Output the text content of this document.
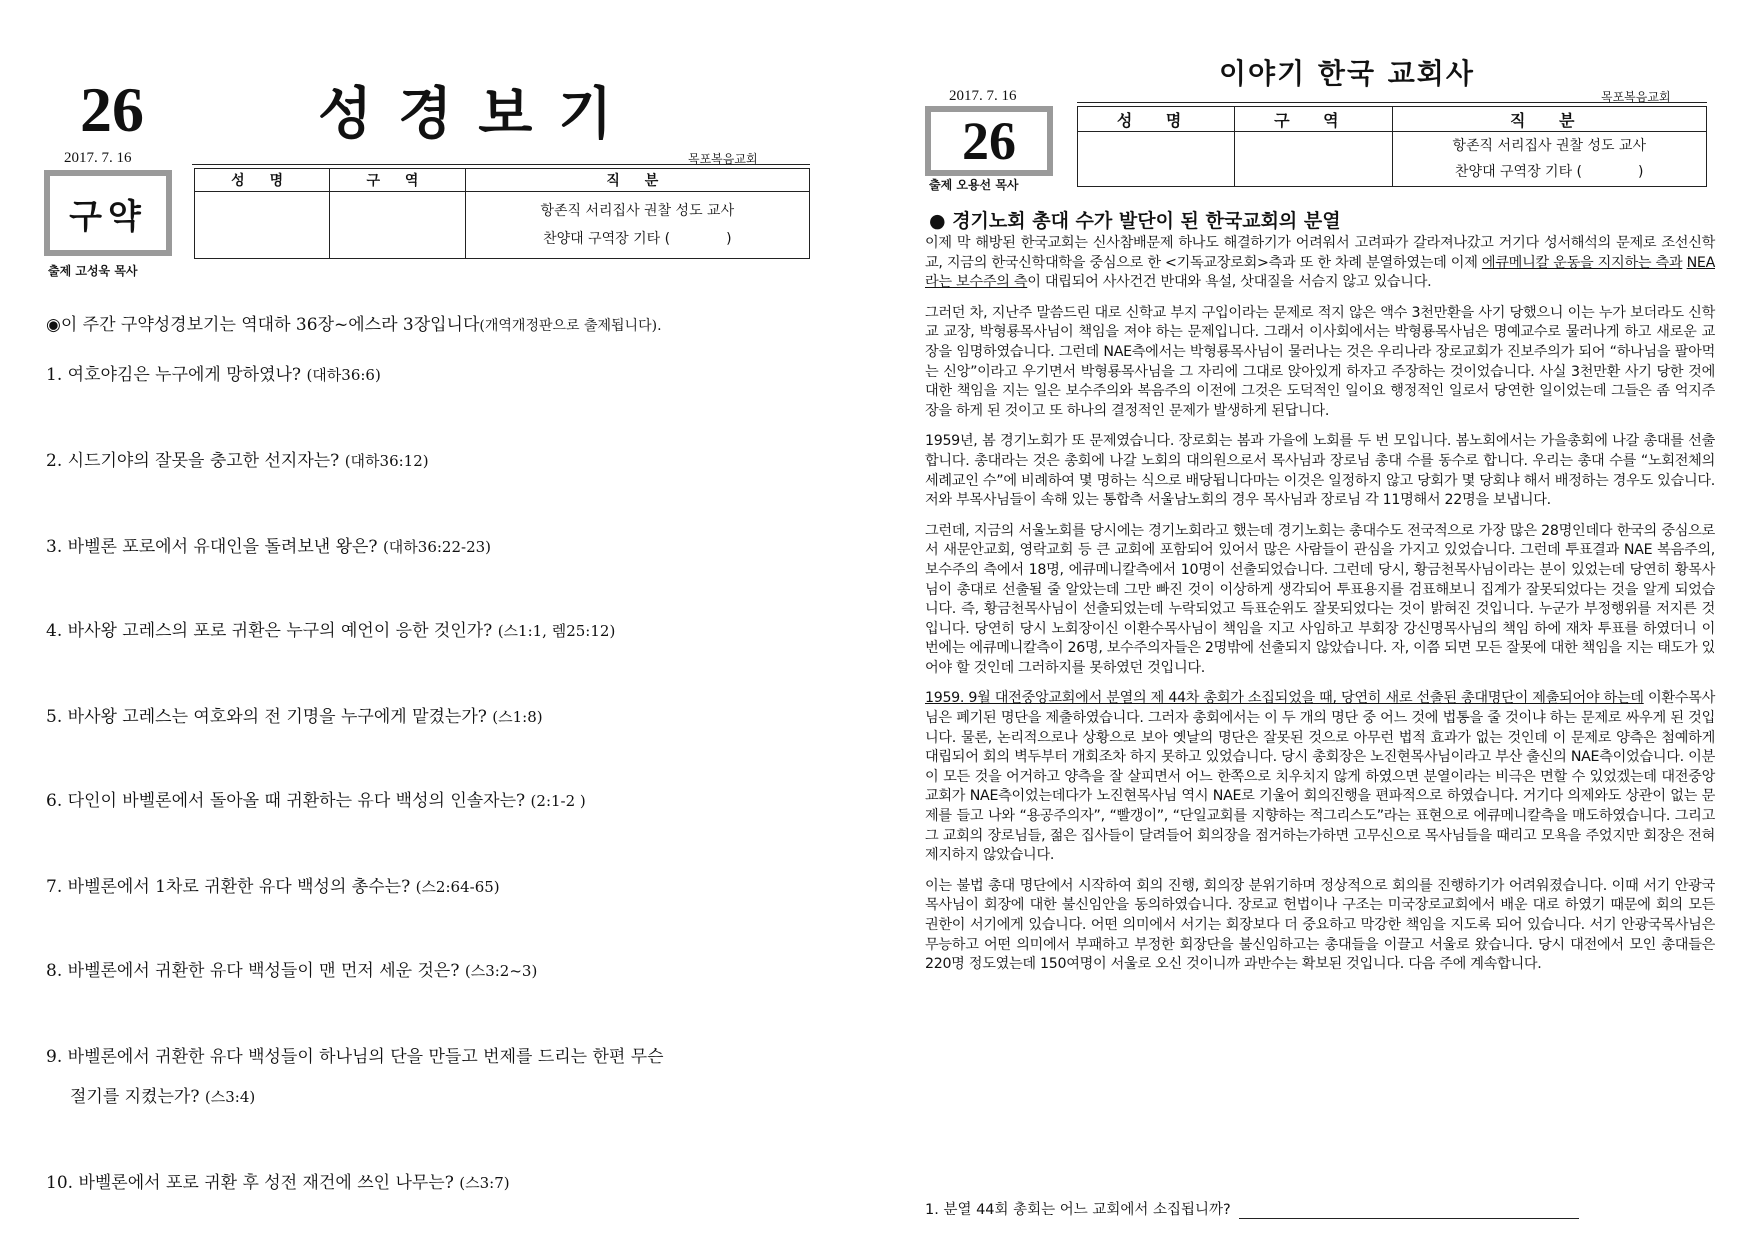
26	성경보기
2017. 7. 16	목포복음교회
구약
출제 고성욱 목사
성 명	구 역	직 분

		항존직 서리집사 권찰 성도 교사
찬양대 구역장 기타 (　　　　)
◉이 주간 구약성경보기는 역대하 36장~에스라 3장입니다(개역개정판으로 출제됩니다).
1. 여호야김은 누구에게 망하였나? (대하36:6)
2. 시드기야의 잘못을 충고한 선지자는? (대하36:12)
3. 바벨론 포로에서 유대인을 돌려보낸 왕은? (대하36:22-23)
4. 바사왕 고레스의 포로 귀환은 누구의 예언이 응한 것인가? (스1:1, 렘25:12)
5. 바사왕 고레스는 여호와의 전 기명을 누구에게 맡겼는가? (스1:8)
6. 다인이 바벨론에서 돌아올 때 귀환하는 유다 백성의 인솔자는? (2:1-2 )
7. 바벨론에서 1차로 귀환한 유다 백성의 총수는? (스2:64-65)
8. 바벨론에서 귀환한 유다 백성들이 맨 먼저 세운 것은? (스3:2~3)
9. 바벨론에서 귀환한 유다 백성들이 하나님의 단을 만들고 번제를 드리는 한편 무슨
절기를 지켰는가? (스3:4)
10. 바벨론에서 포로 귀환 후 성전 재건에 쓰인 나무는? (스3:7)
이야기 한국 교회사
2017. 7. 16	목포복음교회
26
출제 오용선 목사
성 명	구 역	직 분

		항존직 서리집사 권찰 성도 교사
찬양대 구역장 기타 (　　　　)
● 경기노회 총대 수가 발단이 된 한국교회의 분열

이제 막 해방된 한국교회는 신사참배문제 하나도 해결하기가 어려워서 고려파가 갈라져나갔고 거기다 성서해석의 문제로 조선신학교, 지금의 한국신학대학을 중심으로 한 <기독교장로회>측과 또 한 차례 분열하였는데 이제 에큐메니칼 운동을 지지하는 측과 NEA라는 보수주의 측이 대립되어 사사건건 반대와 욕설, 삿대질을 서슴지 않고 있습니다.

그러던 차, 지난주 말씀드린 대로 신학교 부지 구입이라는 문제로 적지 않은 액수 3천만환을 사기 당했으니 이는 누가 보더라도 신학교 교장, 박형룡목사님이 책임을 져야 하는 문제입니다. 그래서 이사회에서는 박형룡목사님은 명예교수로 물러나게 하고 새로운 교장을 임명하였습니다. 그런데 NAE측에서는 박형룡목사님이 물러나는 것은 우리나라 장로교회가 진보주의가 되어 “하나님을 팔아먹는 신앙”이라고 우기면서 박형룡목사님을 그 자리에 그대로 앉아있게 하자고 주장하는 것이었습니다. 사실 3천만환 사기 당한 것에 대한 책임을 지는 일은 보수주의와 복음주의 이전에 그것은 도덕적인 일이요 행정적인 일로서 당연한 일이었는데 그들은 좀 억지주장을 하게 된 것이고 또 하나의 결정적인 문제가 발생하게 된답니다.

1959년, 봄 경기노회가 또 문제였습니다. 장로회는 봄과 가을에 노회를 두 번 모입니다. 봄노회에서는 가을총회에 나갈 총대를 선출합니다. 총대라는 것은 총회에 나갈 노회의 대의원으로서 목사님과 장로님 총대 수를 동수로 합니다. 우리는 총대 수를 “노회전체의 세례교인 수”에 비례하여 몇 명하는 식으로 배당됩니다마는 이것은 일정하지 않고 당회가 몇 당회냐 해서 배정하는 경우도 있습니다. 저와 부목사님들이 속해 있는 통합측 서울남노회의 경우 목사님과 장로님 각 11명해서 22명을 보냅니다.

그런데, 지금의 서울노회를 당시에는 경기노회라고 했는데 경기노회는 총대수도 전국적으로 가장 많은 28명인데다 한국의 중심으로서 새문안교회, 영락교회 등 큰 교회에 포함되어 있어서 많은 사람들이 관심을 가지고 있었습니다. 그런데 투표결과 NAE 복음주의, 보수주의 측에서 18명, 에큐메니칼측에서 10명이 선출되었습니다. 그런데 당시, 황금천목사님이라는 분이 있었는데 당연히 황목사님이 총대로 선출될 줄 알았는데 그만 빠진 것이 이상하게 생각되어 투표용지를 검표해보니 집계가 잘못되었다는 것을 알게 되었습니다. 즉, 황금천목사님이 선출되었는데 누락되었고 득표순위도 잘못되었다는 것이 밝혀진 것입니다. 누군가 부정행위를 저지른 것입니다. 당연히 당시 노회장이신 이환수목사님이 책임을 지고 사임하고 부회장 강신명목사님의 책임 하에 재차 투표를 하였더니 이번에는 에큐메니칼측이 26명, 보수주의자들은 2명밖에 선출되지 않았습니다. 자, 이쯤 되면 모든 잘못에 대한 책임을 지는 태도가 있어야 할 것인데 그러하지를 못하였던 것입니다.

1959. 9월 대전중앙교회에서 분열의 제 44차 총회가 소집되었을 때, 당연히 새로 선출된 총대명단이 제출되어야 하는데 이환수목사님은 폐기된 명단을 제출하였습니다. 그러자 총회에서는 이 두 개의 명단 중 어느 것에 법통을 줄 것이냐 하는 문제로 싸우게 된 것입니다. 물론, 논리적으로나 상황으로 보아 옛날의 명단은 잘못된 것으로 아무런 법적 효과가 없는 것인데 이 문제로 양측은 첨예하게 대립되어 회의 벽두부터 개회조차 하지 못하고 있었습니다. 당시 총회장은 노진현목사님이라고 부산 출신의 NAE측이었습니다. 이분이 모든 것을 어거하고 양측을 잘 살피면서 어느 한쪽으로 치우치지 않게 하였으면 분열이라는 비극은 면할 수 있었겠는데 대전중앙교회가 NAE측이었는데다가 노진현목사님 역시 NAE로 기울어 회의진행을 편파적으로 하였습니다. 거기다 의제와도 상관이 없는 문제를 들고 나와 “용공주의자”, “빨갱이”, “단일교회를 지향하는 적그리스도”라는 표현으로 에큐메니칼측을 매도하였습니다. 그리고 그 교회의 장로님들, 젊은 집사들이 달려들어 회의장을 점거하는가하면 고무신으로 목사님들을 때리고 모욕을 주었지만 회장은 전혀 제지하지 않았습니다.

이는 불법 총대 명단에서 시작하여 회의 진행, 회의장 분위기하며 정상적으로 회의를 진행하기가 어려워졌습니다. 이때 서기 안광국목사님이 회장에 대한 불신임안을 동의하였습니다. 장로교 헌법이나 구조는 미국장로교회에서 배운 대로 하였기 때문에 회의 모든 권한이 서기에게 있습니다. 어떤 의미에서 서기는 회장보다 더 중요하고 막강한 책임을 지도록 되어 있습니다. 서기 안광국목사님은 무능하고 어떤 의미에서 부패하고 부정한 회장단을 불신임하고는 총대들을 이끌고 서울로 왔습니다. 당시 대전에서 모인 총대들은 220명 정도였는데 150여명이 서울로 오신 것이니까 과반수는 확보된 것입니다. 다음 주에 계속합니다.

1. 분열 44회 총회는 어느 교회에서 소집됩니까?
